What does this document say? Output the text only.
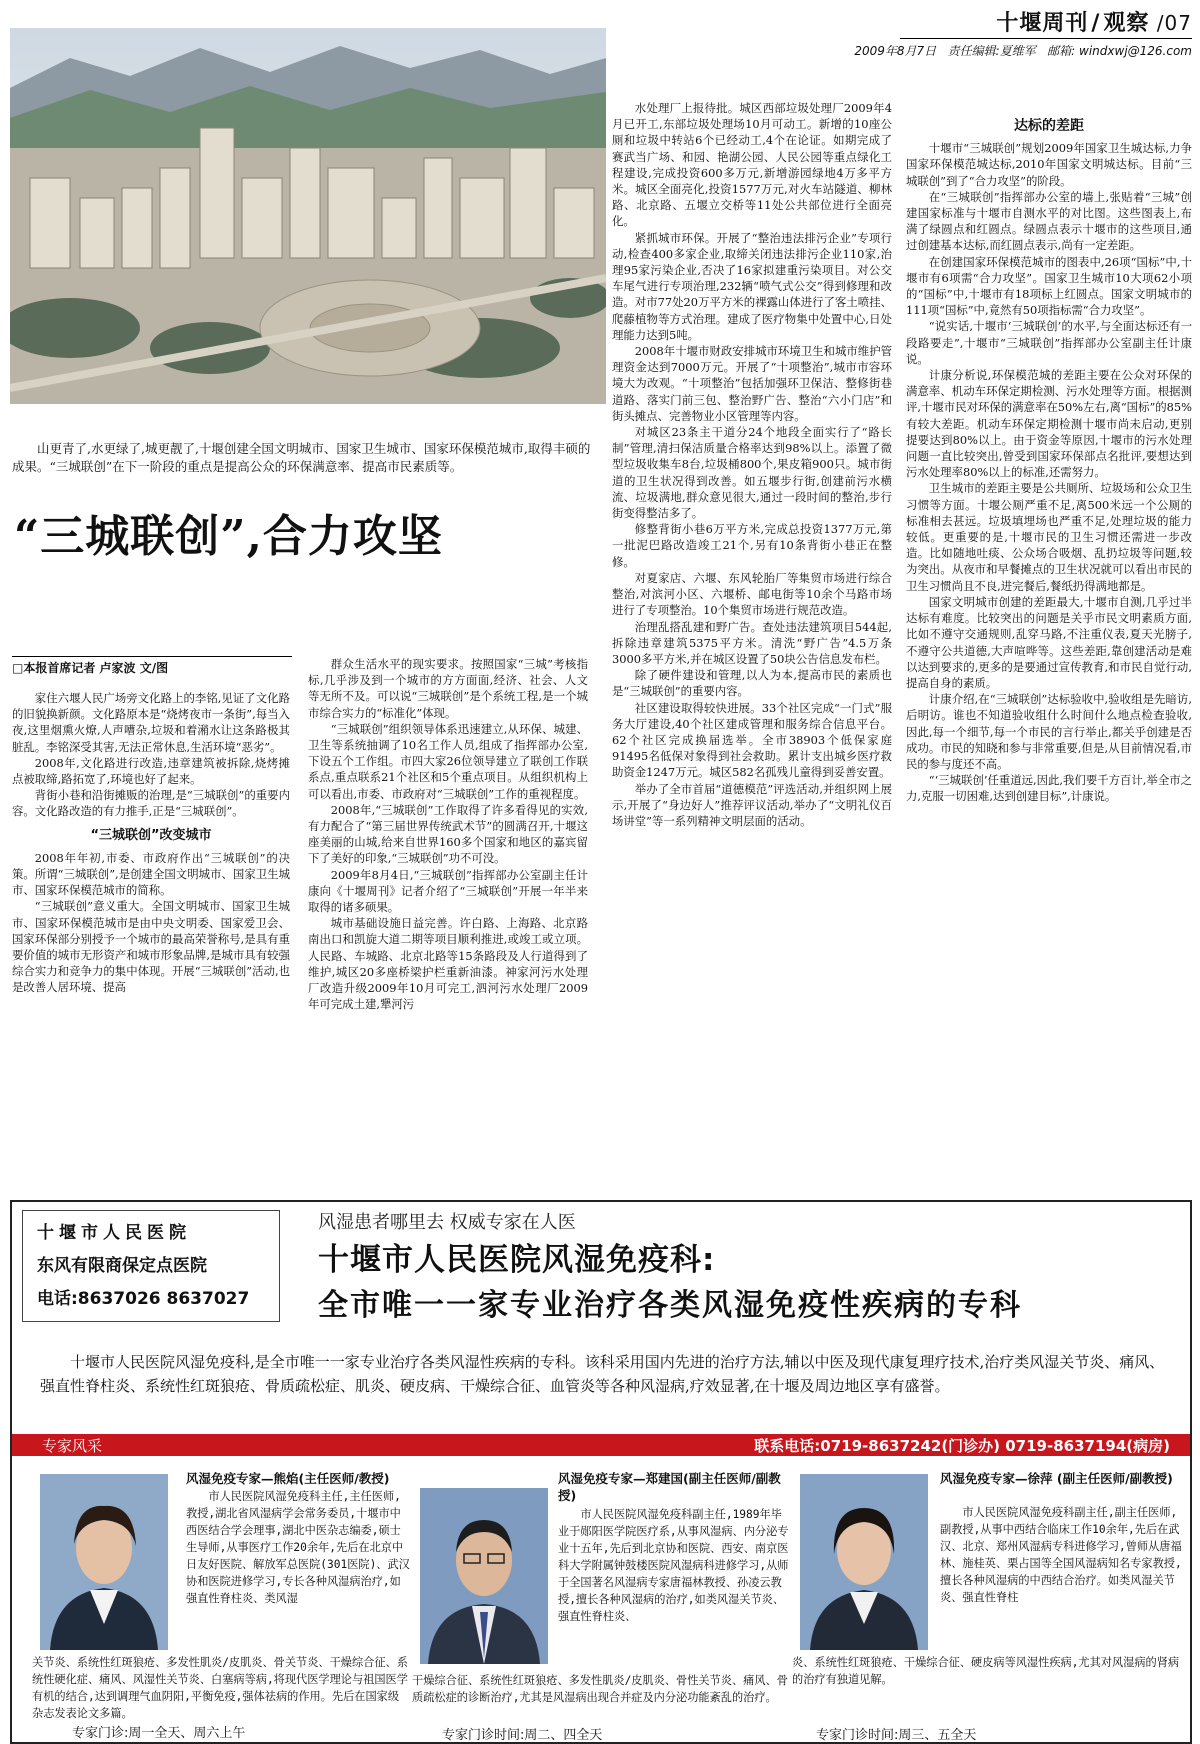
十堰周刊 / 观察 /07
2009年8月7日 责任编辑:夏维军 邮箱: windxwj@126.com
山更青了,水更绿了,城更靓了,十堰创建全国文明城市、国家卫生城市、国家环保模范城市,取得丰硕的成果。“三城联创”在下一阶段的重点是提高公众的环保满意率、提高市民素质等。
“三城联创”,合力攻坚
□本报首席记者 卢家波 文/图

家住六堰人民广场旁文化路上的李铭,见证了文化路的旧貌换新颜。文化路原本是“烧烤夜市一条街”,每当入夜,这里烟熏火燎,人声嘈杂,垃圾和着潲水让这条路极其脏乱。李铭深受其害,无法正常休息,生活环境“恶劣”。

2008年,文化路进行改造,违章建筑被拆除,烧烤摊点被取缔,路拓宽了,环境也好了起来。

背街小巷和沿街摊贩的治理,是“三城联创”的重要内容。文化路改造的有力推手,正是“三城联创”。

“三城联创”改变城市

2008年年初,市委、市政府作出“三城联创”的决策。所谓“三城联创”,是创建全国文明城市、国家卫生城市、国家环保模范城市的简称。

“三城联创”意义重大。全国文明城市、国家卫生城市、国家环保模范城市是由中央文明委、国家爱卫会、国家环保部分别授予一个城市的最高荣誉称号,是具有重要价值的城市无形资产和城市形象品牌,是城市具有较强综合实力和竞争力的集中体现。开展“三城联创”活动,也是改善人居环境、提高

群众生活水平的现实要求。按照国家“三城”考核指标,几乎涉及到一个城市的方方面面,经济、社会、人文等无所不及。可以说“三城联创”是个系统工程,是一个城市综合实力的“标准化”体现。

“三城联创”组织领导体系迅速建立,从环保、城建、卫生等系统抽调了10名工作人员,组成了指挥部办公室,下设五个工作组。市四大家26位领导建立了联创工作联系点,重点联系21个社区和5个重点项目。从组织机构上可以看出,市委、市政府对“三城联创”工作的重视程度。

2008年,“三城联创”工作取得了许多看得见的实效,有力配合了“第三届世界传统武术节”的圆满召开,十堰这座美丽的山城,给来自世界160多个国家和地区的嘉宾留下了美好的印象,“三城联创”功不可没。

2009年8月4日,“三城联创”指挥部办公室副主任计康向《十堰周刊》记者介绍了“三城联创”开展一年半来取得的诸多硕果。

城市基础设施日益完善。许白路、上海路、北京路南出口和凯旋大道二期等项目顺利推进,或竣工或立项。人民路、车城路、北京北路等15条路段及人行道得到了维护,城区20多座桥梁护栏重新油漆。神家河污水处理厂改造升级2009年10月可完工,泗河污水处理厂2009年可完成土建,犟河污

水处理厂上报待批。城区西部垃圾处理厂2009年4月已开工,东部垃圾处理场10月可动工。新增的10座公厕和垃圾中转站6个已经动工,4个在论证。如期完成了赛武当广场、和园、艳湖公园、人民公园等重点绿化工程建设,完成投资600多万元,新增游园绿地4万多平方米。城区全面亮化,投资1577万元,对火车站隧道、柳林路、北京路、五堰立交桥等11处公共部位进行全面亮化。

紧抓城市环保。开展了“整治违法排污企业”专项行动,检查400多家企业,取缔关闭违法排污企业110家,治理95家污染企业,否决了16家拟建重污染项目。对公交车尾气进行专项治理,232辆“喷气式公交”得到修理和改造。对市77处20万平方米的裸露山体进行了客土喷挂、爬藤植物等方式治理。建成了医疗物集中处置中心,日处理能力达到5吨。

2008年十堰市财政安排城市环境卫生和城市维护管理资金达到7000万元。开展了“十项整治”,城市市容环境大为改观。“十项整治”包括加强环卫保洁、整修街巷道路、落实门前三包、整治野广告、整治“六小门店”和街头摊点、完善物业小区管理等内容。

对城区23条主干道分24个地段全面实行了“路长制”管理,清扫保洁质量合格率达到98%以上。添置了微型垃圾收集车8台,垃圾桶800个,果皮箱900只。城市街道的卫生状况得到改善。如五堰步行街,创建前污水横流、垃圾满地,群众意见很大,通过一段时间的整治,步行街变得整洁多了。

修整背街小巷6万平方米,完成总投资1377万元,第一批泥巴路改造竣工21个,另有10条背街小巷正在整修。

对夏家店、六堰、东风轮胎厂等集贸市场进行综合整治,对滨河小区、六堰桥、邮电街等10余个马路市场进行了专项整治。10个集贸市场进行规范改造。

治理乱搭乱建和野广告。查处违法建筑项目544起,拆除违章建筑5375平方米。清洗“野广告”4.5万条3000多平方米,并在城区设置了50块公告信息发布栏。

除了硬件建设和管理,以人为本,提高市民的素质也是“三城联创”的重要内容。

社区建设取得较快进展。33个社区完成“一门式”服务大厅建设,40个社区建成管理和服务综合信息平台。62个社区完成换届选举。全市38903个低保家庭91495名低保对象得到社会救助。累计支出城乡医疗救助资金1247万元。城区582名孤残儿童得到妥善安置。

举办了全市首届“道德模范”评选活动,并组织网上展示,开展了“身边好人”推荐评议活动,举办了“文明礼仪百场讲堂”等一系列精神文明层面的活动。

达标的差距

十堰市“三城联创”规划2009年国家卫生城达标,力争国家环保模范城达标,2010年国家文明城达标。目前“三城联创”到了“合力攻坚”的阶段。

在“三城联创”指挥部办公室的墙上,张贴着“三城”创建国家标准与十堰市自测水平的对比图。这些图表上,布满了绿圆点和红圆点。绿圆点表示十堰市的这些项目,通过创建基本达标,而红圆点表示,尚有一定差距。

在创建国家环保模范城市的图表中,26项“国标”中,十堰市有6项需“合力攻坚”。国家卫生城市10大项62小项的“国标”中,十堰市有18项标上红圆点。国家文明城市的111项“国标”中,竟然有50项指标需“合力攻坚”。

“说实话,十堰市‘三城联创’的水平,与全面达标还有一段路要走”,十堰市“三城联创”指挥部办公室副主任计康说。

计康分析说,环保模范城的差距主要在公众对环保的满意率、机动车环保定期检测、污水处理等方面。根据测评,十堰市民对环保的满意率在50%左右,离“国标”的85%有较大差距。机动车环保定期检测十堰市尚未启动,更别提要达到80%以上。由于资金等原因,十堰市的污水处理问题一直比较突出,曾受到国家环保部点名批评,要想达到污水处理率80%以上的标准,还需努力。

卫生城市的差距主要是公共厕所、垃圾场和公众卫生习惯等方面。十堰公厕严重不足,离500米远一个公厕的标准相去甚远。垃圾填埋场也严重不足,处理垃圾的能力较低。更重要的是,十堰市民的卫生习惯还需进一步改造。比如随地吐痰、公众场合吸烟、乱扔垃圾等问题,较为突出。从夜市和早餐摊点的卫生状况就可以看出市民的卫生习惯尚且不良,进完餐后,餐纸扔得满地都是。

国家文明城市创建的差距最大,十堰市自测,几乎过半达标有难度。比较突出的问题是关乎市民文明素质方面,比如不遵守交通规则,乱穿马路,不注重仪表,夏天光膀子,不遵守公共道德,大声喧哗等。这些差距,靠创建活动是难以达到要求的,更多的是要通过宣传教育,和市民自觉行动,提高自身的素质。

计康介绍,在“三城联创”达标验收中,验收组是先暗访,后明访。谁也不知道验收组什么时间什么地点检查验收,因此,每一个细节,每一个市民的言行举止,都关乎创建是否成功。市民的知晓和参与非常重要,但是,从目前情况看,市民的参与度还不高。

“‘三城联创’任重道远,因此,我们要千方百计,举全市之力,克服一切困难,达到创建目标”,计康说。

十堰市人民医院
东风有限商保定点医院
电话:8637026 8637027
风湿患者哪里去 权威专家在人医
十堰市人民医院风湿免疫科:
全市唯一一家专业治疗各类风湿免疫性疾病的专科
十堰市人民医院风湿免疫科,是全市唯一一家专业治疗各类风湿性疾病的专科。该科采用国内先进的治疗方法,辅以中医及现代康复理疗技术,治疗类风湿关节炎、痛风、强直性脊柱炎、系统性红斑狼疮、骨质疏松症、肌炎、硬皮病、干燥综合征、血管炎等各种风湿病,疗效显著,在十堰及周边地区享有盛誉。
专家风采	联系电话:0719-8637242(门诊办) 0719-8637194(病房)
风湿免疫专家—熊焰(主任医师/教授)
市人民医院风湿免疫科主任,主任医师,教授,湖北省风湿病学会常务委员,十堰市中西医结合学会理事,湖北中医杂志编委,硕士生导师,从事医疗工作20余年,先后在北京中日友好医院、解放军总医院(301医院)、武汉协和医院进修学习,专长各种风湿病治疗,如强直性脊柱炎、类风湿
关节炎、系统性红斑狼疮、多发性肌炎/皮肌炎、骨关节炎、干燥综合征、系统性硬化症、痛风、风湿性关节炎、白塞病等病,将现代医学理论与祖国医学有机的结合,达到调理气血阴阳,平衡免疫,强体祛病的作用。先后在国家级杂志发表论文多篇。
专家门诊:周一全天、周六上午
风湿免疫专家—郑建国(副主任医师/副教授)
市人民医院风湿免疫科副主任,1989年毕业于郧阳医学院医疗系,从事风湿病、内分泌专业十五年,先后到北京协和医院、西安、南京医科大学附属钟鼓楼医院风湿病科进修学习,从师于全国著名风湿病专家唐福林教授、孙凌云教授,擅长各种风湿病的治疗,如类风湿关节炎、强直性脊柱炎、
干燥综合征、系统性红斑狼疮、多发性肌炎/皮肌炎、骨性关节炎、痛风、骨质疏松症的诊断治疗,尤其是风湿病出现合并症及内分泌功能紊乱的治疗。
专家门诊时间:周二、四全天
风湿免疫专家—徐萍 (副主任医师/副教授)
市人民医院风湿免疫科副主任,副主任医师,副教授,从事中西结合临床工作10余年,先后在武汉、北京、郑州风湿病专科进修学习,曾师从唐福林、施桂英、栗占国等全国风湿病知名专家教授,擅长各种风湿病的中西结合治疗。如类风湿关节炎、强直性脊柱
炎、系统性红斑狼疮、干燥综合征、硬皮病等风湿性疾病,尤其对风湿病的肾病的治疗有独道见解。
专家门诊时间:周三、五全天
